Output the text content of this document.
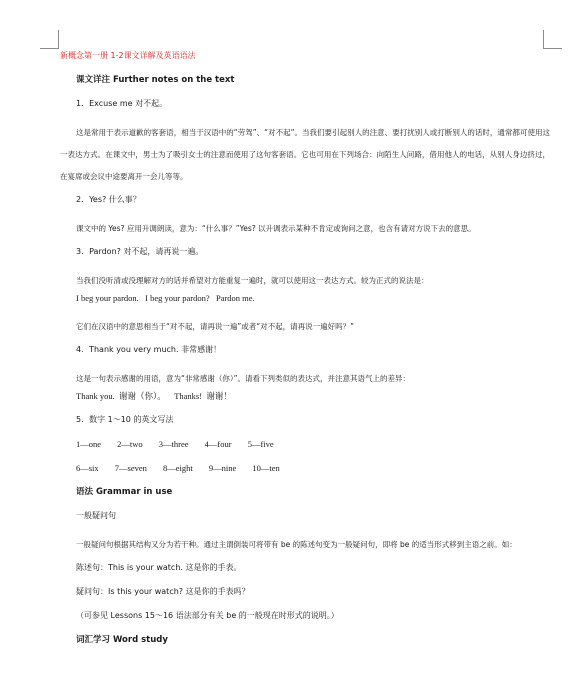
新概念第一册 1-2课文详解及英语语法

课文详注 Further notes on the text

1．Excuse me 对不起。

这是常用于表示道歉的客套语，相当于汉语中的“劳驾”、“对不起”。当我们要引起别人的注意、要打扰别人或打断别人的话时，通常都可使用这一表达方式。在课文中，男士为了吸引女士的注意而使用了这句客套语。它也可用在下列场合：向陌生人问路，借用他人的电话，从别人身边挤过，在宴席或会议中途要离开一会儿等等。

2．Yes? 什么事？

课文中的 Yes? 应用升调朗读，意为：“什么事？”Yes? 以升调表示某种不肯定或询问之意，也含有请对方说下去的意思。

3．Pardon? 对不起，请再说一遍。

当我们没听清或没理解对方的话并希望对方能重复一遍时，就可以使用这一表达方式。较为正式的说法是：

I beg your pardon.   I beg your pardon?   Pardon me.

它们在汉语中的意思相当于“对不起，请再说一遍”或者“对不起，请再说一遍好吗？”

4．Thank you very much. 非常感谢！

这是一句表示感谢的用语，意为“非常感谢（你）”。请看下列类似的表达式，并注意其语气上的差异：

Thank you.  谢谢（你）。    Thanks!  谢谢！

5．数字 1～10 的英文写法

1—one 2—two 3—three 4—four 5—five

6—six 7—seven 8—eight 9—nine 10—ten

语法 Grammar in use

一般疑问句

一般疑问句根据其结构又分为若干种。通过主谓倒装可将带有 be 的陈述句变为一般疑问句，即将 be 的适当形式移到主语之前。如：

陈述句：This is your watch. 这是你的手表。

疑问句：Is this your watch? 这是你的手表吗？

（可参见 Lessons 15～16 语法部分有关 be 的一般现在时形式的说明。）

词汇学习 Word study
